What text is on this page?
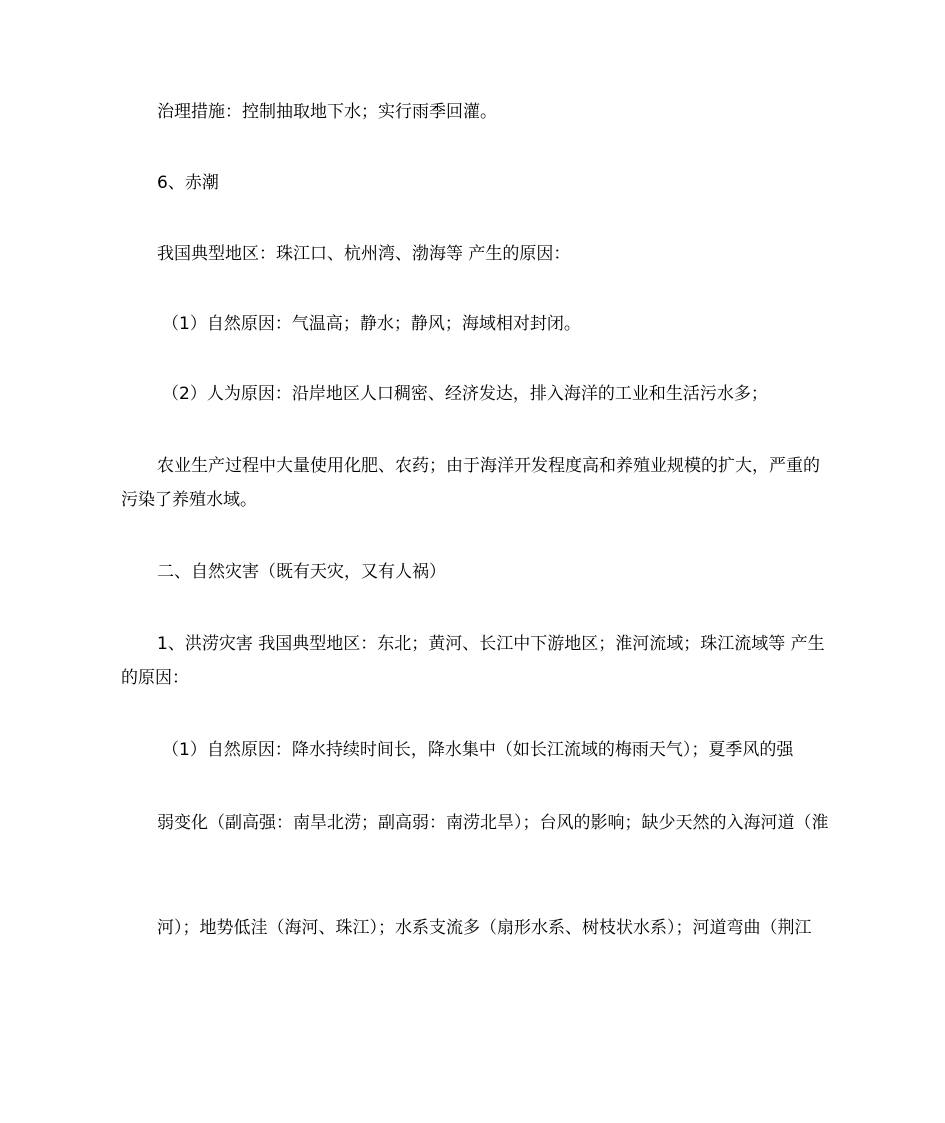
治理措施：控制抽取地下水；实行雨季回灌。
6、赤潮
我国典型地区：珠江口、杭州湾、渤海等 产生的原因：
（1）自然原因：气温高；静水；静风；海域相对封闭。
（2）人为原因：沿岸地区人口稠密、经济发达，排入海洋的工业和生活污水多；
农业生产过程中大量使用化肥、农药；由于海洋开发程度高和养殖业规模的扩大，严重的污染了养殖水域。
二、自然灾害（既有天灾，又有人祸）
1、洪涝灾害 我国典型地区：东北；黄河、长江中下游地区；淮河流域；珠江流域等 产生的原因：
（1）自然原因：降水持续时间长，降水集中（如长江流域的梅雨天气）；夏季风的强
弱变化（副高强：南旱北涝；副高弱：南涝北旱）；台风的影响；缺少天然的入海河道（淮
河）；地势低洼（海河、珠江）；水系支流多（扇形水系、树枝状水系）；河道弯曲（荆江
